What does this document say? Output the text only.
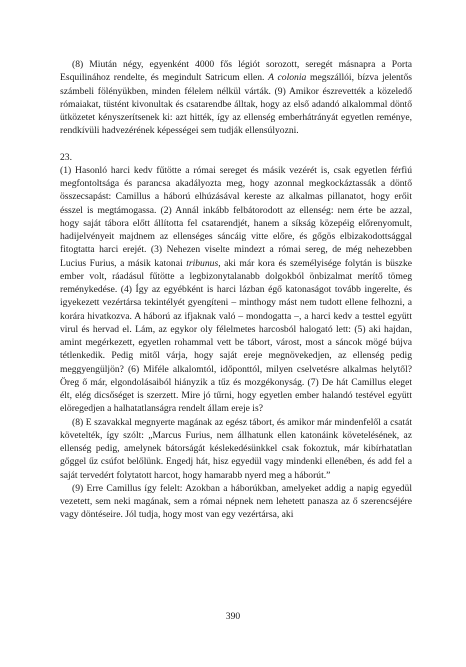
(8) Miután négy, egyenként 4000 fős légiót sorozott, seregét másnapra a Porta Esquilinához rendelte, és megindult Satricum ellen. A colonia megszállói, bízva jelentős számbeli fölényükben, minden félelem nélkül várták. (9) Amikor észrevették a közeledő rómaiakat, tüstént kivonultak és csatarendbe álltak, hogy az első adandó alkalommal döntő ütközetet kényszerítsenek ki: azt hitték, így az ellenség emberhátrányát egyetlen reménye, rendkívüli hadvezérének képességei sem tudják ellensúlyozni.

23.

(1) Hasonló harci kedv fűtötte a római sereget és másik vezérét is, csak egyetlen férfiú megfontoltsága és parancsa akadályozta meg, hogy azonnal megkockáztassák a döntő összecsapást: Camillus a háború elhúzásával kereste az alkalmas pillanatot, hogy erőit ésszel is megtámogassa. (2) Annál inkább felbátorodott az ellenség: nem érte be azzal, hogy saját tábora előtt állította fel csatarendjét, hanem a síkság közepéig előrenyomult, hadijelvényeit majdnem az ellenséges sáncáig vitte előre, és gőgös elbizakodottsággal fitogtatta harci erejét. (3) Nehezen viselte mindezt a római sereg, de még nehezebben Lucius Furius, a másik katonai tribunus, aki már kora és személyisége folytán is büszke ember volt, ráadásul fűtötte a legbizonytalanabb dolgokból önbizalmat merítő tömeg reménykedése. (4) Így az egyébként is harci lázban égő katonaságot tovább ingerelte, és igyekezett vezértársa tekintélyét gyengíteni – minthogy mást nem tudott ellene felhozni, a korára hivatkozva. A háború az ifjaknak való – mondogatta –, a harci kedv a testtel együtt virul és hervad el. Lám, az egykor oly félelmetes harcosból halogató lett: (5) aki hajdan, amint megérkezett, egyetlen rohammal vett be tábort, várost, most a sáncok mögé bújva tétlenkedik. Pedig mitől várja, hogy saját ereje megnövekedjen, az ellenség pedig meggyengüljön? (6) Miféle alkalomtól, időponttól, milyen cselvetésre alkalmas helytől? Öreg ő már, elgondolásaiból hiányzik a tűz és mozgékonyság. (7) De hát Camillus eleget élt, elég dicsőséget is szerzett. Mire jó tűrni, hogy egyetlen ember halandó testével együtt elöregedjen a halhatatlanságra rendelt állam ereje is?

(8) E szavakkal megnyerte magának az egész tábort, és amikor már mindenfelől a csatát követelték, így szólt: „Marcus Furius, nem állhatunk ellen katonáink követelésének, az ellenség pedig, amelynek bátorságát késlekedésünkkel csak fokoztuk, már kibírhatatlan gőggel űz csúfot belőlünk. Engedj hát, hisz egyedül vagy mindenki ellenében, és add fel a saját tervedért folytatott harcot, hogy hamarabb nyerd meg a háborút.”

(9) Erre Camillus így felelt: Azokban a háborúkban, amelyeket addig a napig egyedül vezetett, sem neki magának, sem a római népnek nem lehetett panasza az ő szerencséjére vagy döntéseire. Jól tudja, hogy most van egy vezértársa, aki

390
